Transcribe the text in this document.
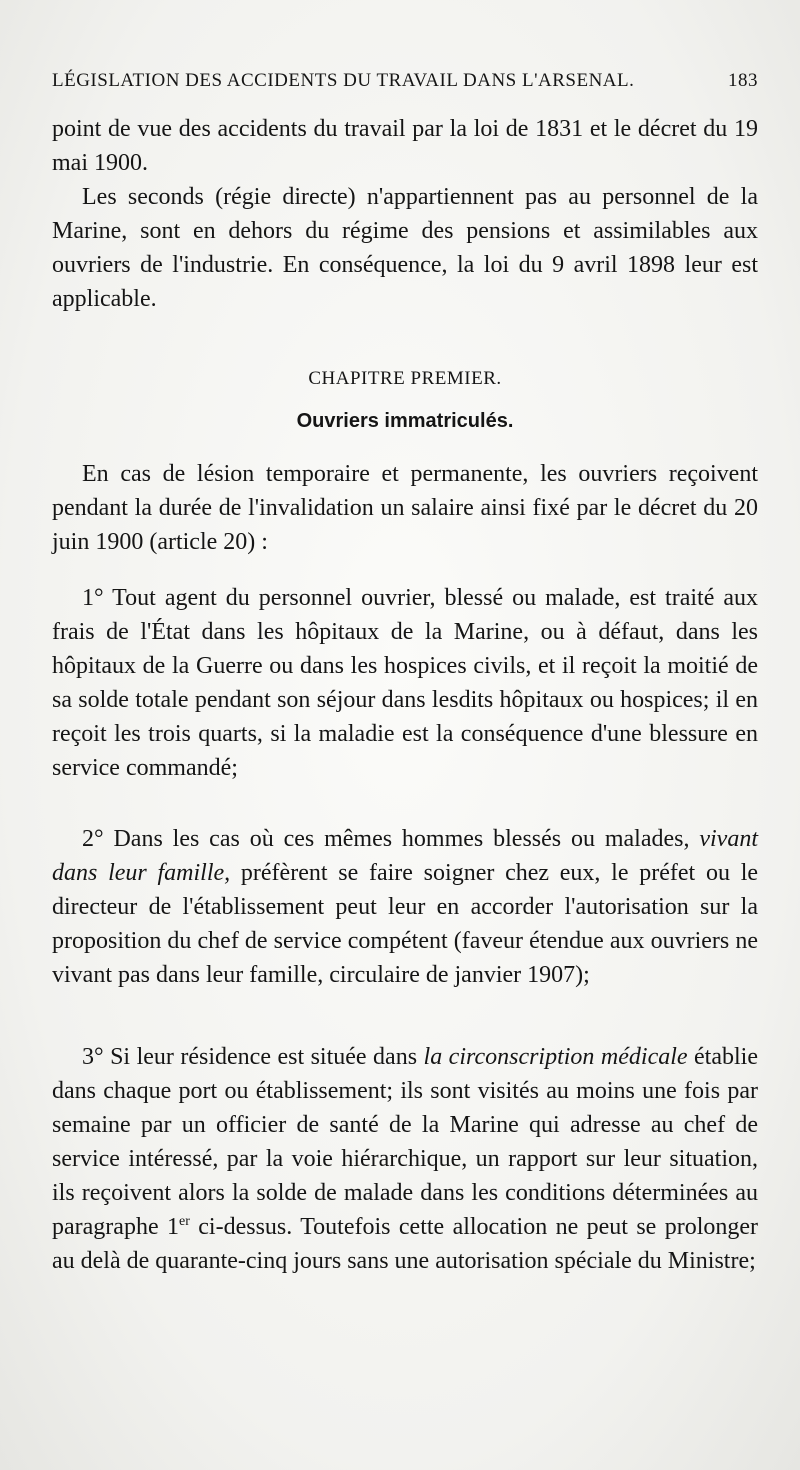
LÉGISLATION DES ACCIDENTS DU TRAVAIL DANS L'ARSENAL.	183

point de vue des accidents du travail par la loi de 1831 et le décret du 19 mai 1900.

Les seconds (régie directe) n'appartiennent pas au personnel de la Marine, sont en dehors du régime des pensions et assimilables aux ouvriers de l'industrie. En conséquence, la loi du 9 avril 1898 leur est applicable.

CHAPITRE PREMIER.

Ouvriers immatriculés.

En cas de lésion temporaire et permanente, les ouvriers reçoivent pendant la durée de l'invalidation un salaire ainsi fixé par le décret du 20 juin 1900 (article 20) :

1° Tout agent du personnel ouvrier, blessé ou malade, est traité aux frais de l'État dans les hôpitaux de la Marine, ou à défaut, dans les hôpitaux de la Guerre ou dans les hospices civils, et il reçoit la moitié de sa solde totale pendant son séjour dans lesdits hôpitaux ou hospices; il en reçoit les trois quarts, si la maladie est la conséquence d'une blessure en service commandé;

2° Dans les cas où ces mêmes hommes blessés ou malades, vivant dans leur famille, préfèrent se faire soigner chez eux, le préfet ou le directeur de l'établissement peut leur en accorder l'autorisation sur la proposition du chef de service compétent (faveur étendue aux ouvriers ne vivant pas dans leur famille, circulaire de janvier 1907);

3° Si leur résidence est située dans la circonscription médicale établie dans chaque port ou établissement; ils sont visités au moins une fois par semaine par un officier de santé de la Marine qui adresse au chef de service intéressé, par la voie hiérarchique, un rapport sur leur situation, ils reçoivent alors la solde de malade dans les conditions déterminées au paragraphe 1er ci-dessus. Toutefois cette allocation ne peut se prolonger au delà de quarante-cinq jours sans une autorisation spéciale du Ministre;
